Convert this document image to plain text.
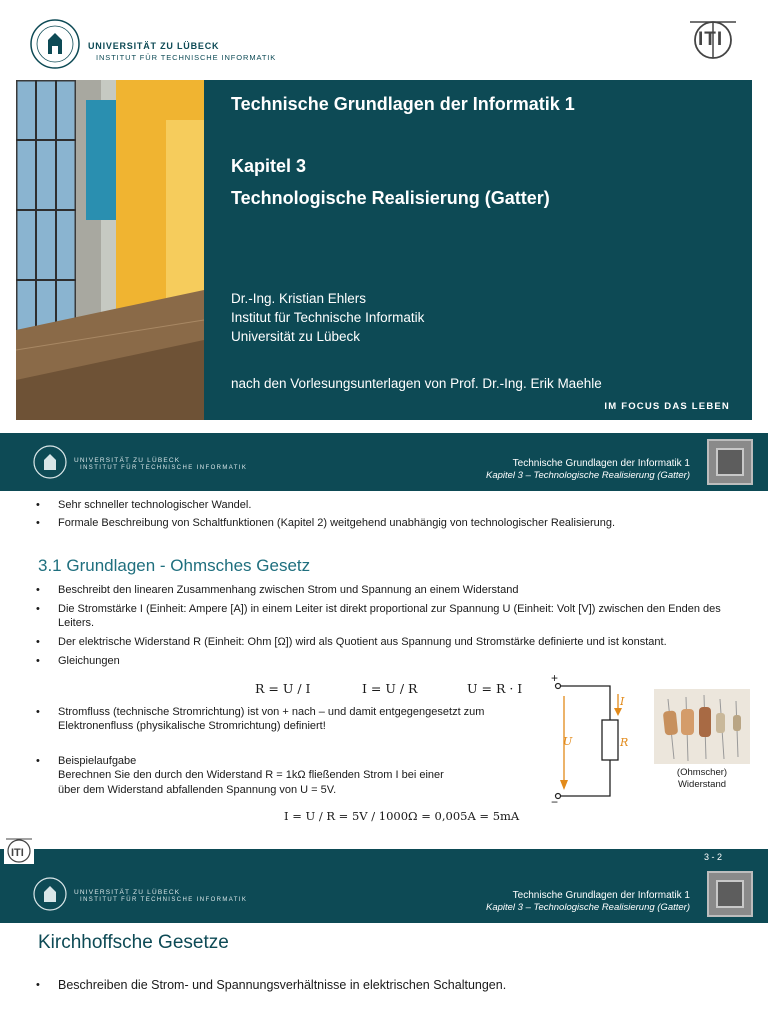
UNIVERSITÄT ZU LÜBECK
INSTITUT FÜR TECHNISCHE INFORMATIK
ITI
Technische Grundlagen der Informatik 1
Kapitel 3
Technologische Realisierung (Gatter)
Dr.-Ing. Kristian Ehlers
Institut für Technische Informatik
Universität zu Lübeck
nach den Vorlesungsunterlagen von Prof. Dr.-Ing. Erik Maehle
IM FOCUS DAS LEBEN
UNIVERSITÄT ZU LÜBECK
INSTITUT FÜR TECHNISCHE INFORMATIK	Technische Grundlagen der Informatik 1
Kapitel 3 – Technologische Realisierung (Gatter)
• Sehr schneller technologischer Wandel.
• Formale Beschreibung von Schaltfunktionen (Kapitel 2) weitgehend unabhängig von technologischer Realisierung.
3.1 Grundlagen - Ohmsches Gesetz
• Beschreibt den linearen Zusammenhang zwischen Strom und Spannung an einem Widerstand
• Die Stromstärke I (Einheit: Ampere [A]) in einem Leiter ist direkt proportional zur Spannung U (Einheit: Volt [V]) zwischen den Enden des Leiters.
• Der elektrische Widerstand R (Einheit: Ohm [Ω]) wird als Quotient aus Spannung und Stromstärke definierte und ist konstant.
• Gleichungen
R = U / I	I = U / R	U = R · I
• Stromfluss (technische Stromrichtung) ist von + nach – und damit entgegengesetzt zum Elektronenfluss (physikalische Stromrichtung) definiert!
• Beispielaufgabe
Berechnen Sie den durch den Widerstand R = 1kΩ fließenden Strom I bei einer
über dem Widerstand abfallenden Spannung von U = 5V.
I = U / R = 5V / 1000Ω = 0,005A = 5mA
+
−
I
U	R
(Ohmscher)
Widerstand
3 - 2
ITI
UNIVERSITÄT ZU LÜBECK
INSTITUT FÜR TECHNISCHE INFORMATIK	Technische Grundlagen der Informatik 1
Kapitel 3 – Technologische Realisierung (Gatter)
Kirchhoffsche Gesetze
• Beschreiben die Strom- und Spannungsverhältnisse in elektrischen Schaltungen.
